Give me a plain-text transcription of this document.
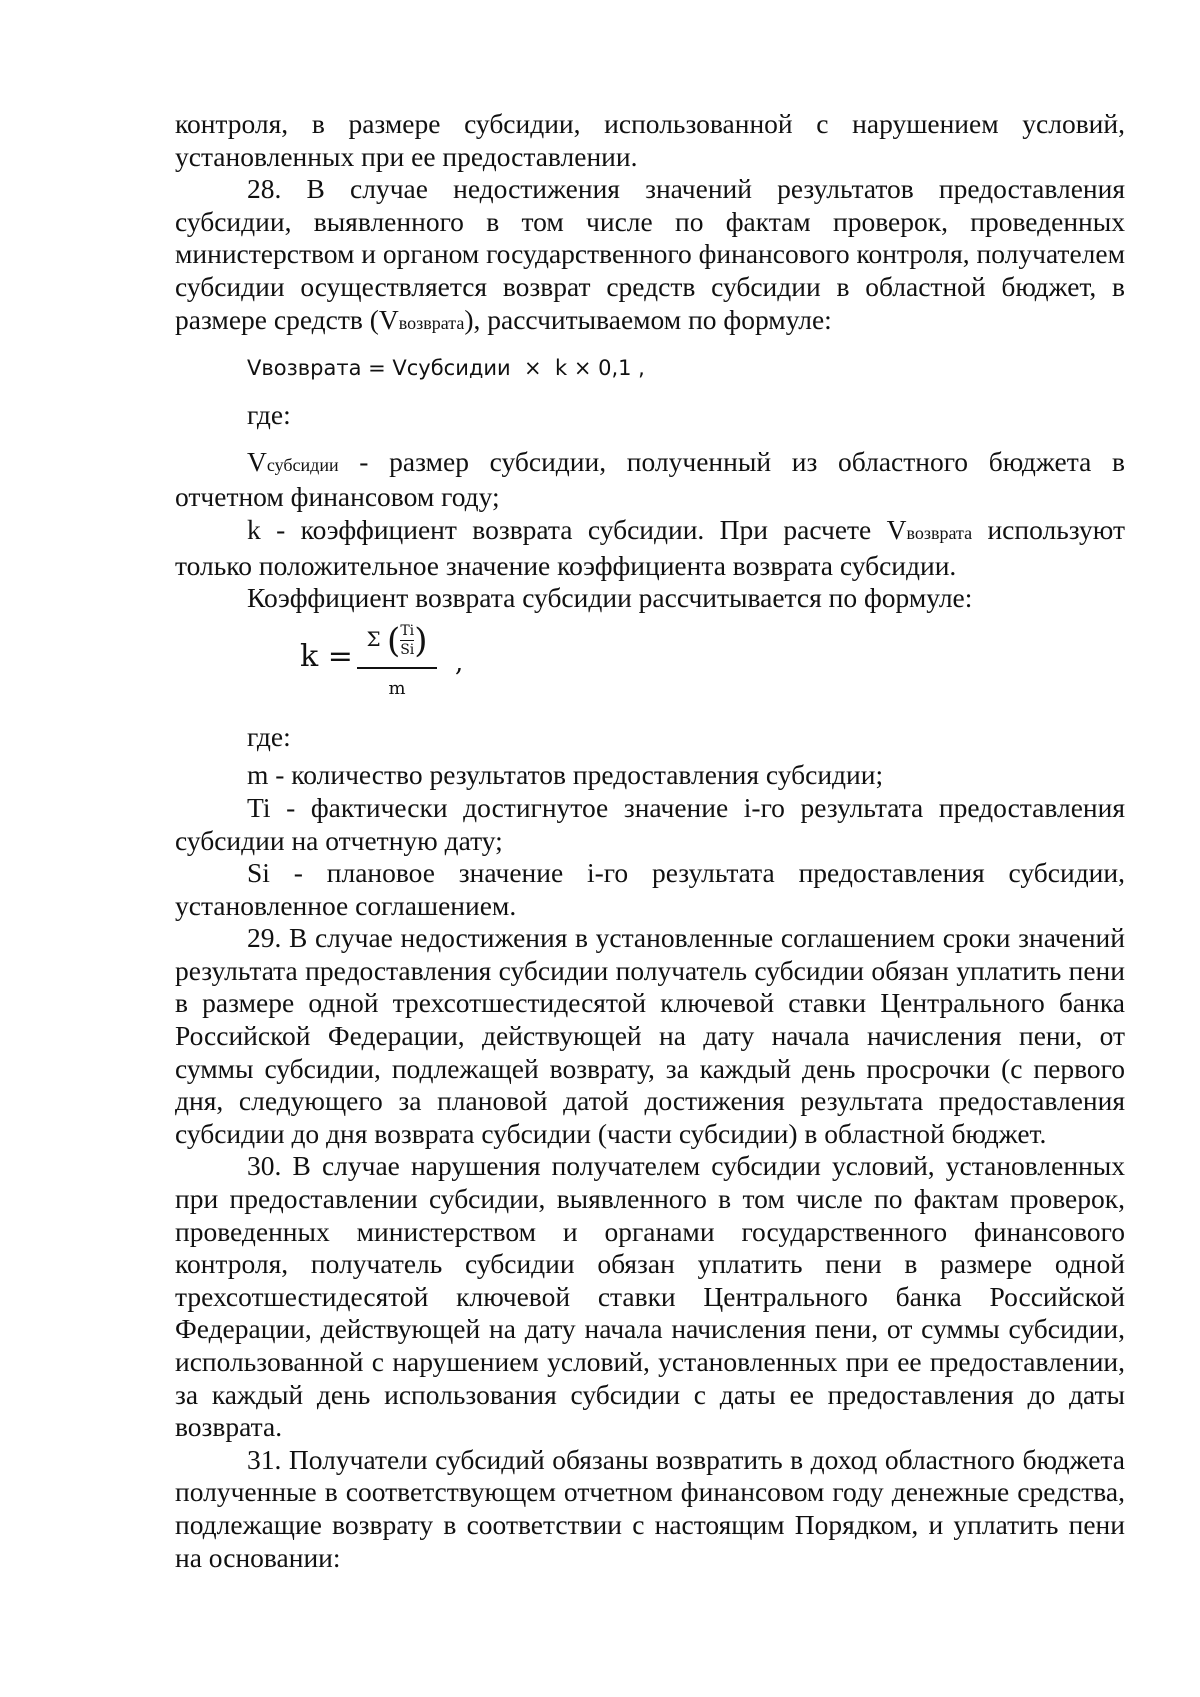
контроля, в размере субсидии, использованной с нарушением условий, установленных при ее предоставлении.

28. В случае недостижения значений результатов предоставления субсидии, выявленного в том числе по фактам проверок, проведенных министерством и органом государственного финансового контроля, получателем субсидии осуществляется возврат средств субсидии в областной бюджет, в размере средств (Vвозврата), рассчитываемом по формуле:

Vвозврата = Vсубсидии  ×  k × 0,1 ,

где:

Vсубсидии - размер субсидии, полученный из областного бюджета в отчетном финансовом году;

k - коэффициент возврата субсидии. При расчете Vвозврата используют только положительное значение коэффициента возврата субсидии.

Коэффициент возврата субсидии рассчитывается по формуле:

k = Σ ( $\frac{Ti}{Si}$ )
m
,

где:

m - количество результатов предоставления субсидии;

Ti - фактически достигнутое значение i-го результата предоставления субсидии на отчетную дату;

Si - плановое значение i-го результата предоставления субсидии, установленное соглашением.

29. В случае недостижения в установленные соглашением сроки значений результата предоставления субсидии получатель субсидии обязан уплатить пени в размере одной трехсотшестидесятой ключевой ставки Центрального банка Российской Федерации, действующей на дату начала начисления пени, от суммы субсидии, подлежащей возврату, за каждый день просрочки (с первого дня, следующего за плановой датой достижения результата предоставления субсидии до дня возврата субсидии (части субсидии) в областной бюджет.

30. В случае нарушения получателем субсидии условий, установленных при предоставлении субсидии, выявленного в том числе по фактам проверок, проведенных министерством и органами государственного финансового контроля, получатель субсидии обязан уплатить пени в размере одной трехсотшестидесятой ключевой ставки Центрального банка Российской Федерации, действующей на дату начала начисления пени, от суммы субсидии, использованной с нарушением условий, установленных при ее предоставлении, за каждый день использования субсидии с даты ее предоставления до даты возврата.

31. Получатели субсидий обязаны возвратить в доход областного бюджета полученные в соответствующем отчетном финансовом году денежные средства, подлежащие возврату в соответствии с настоящим Порядком, и уплатить пени на основании:
